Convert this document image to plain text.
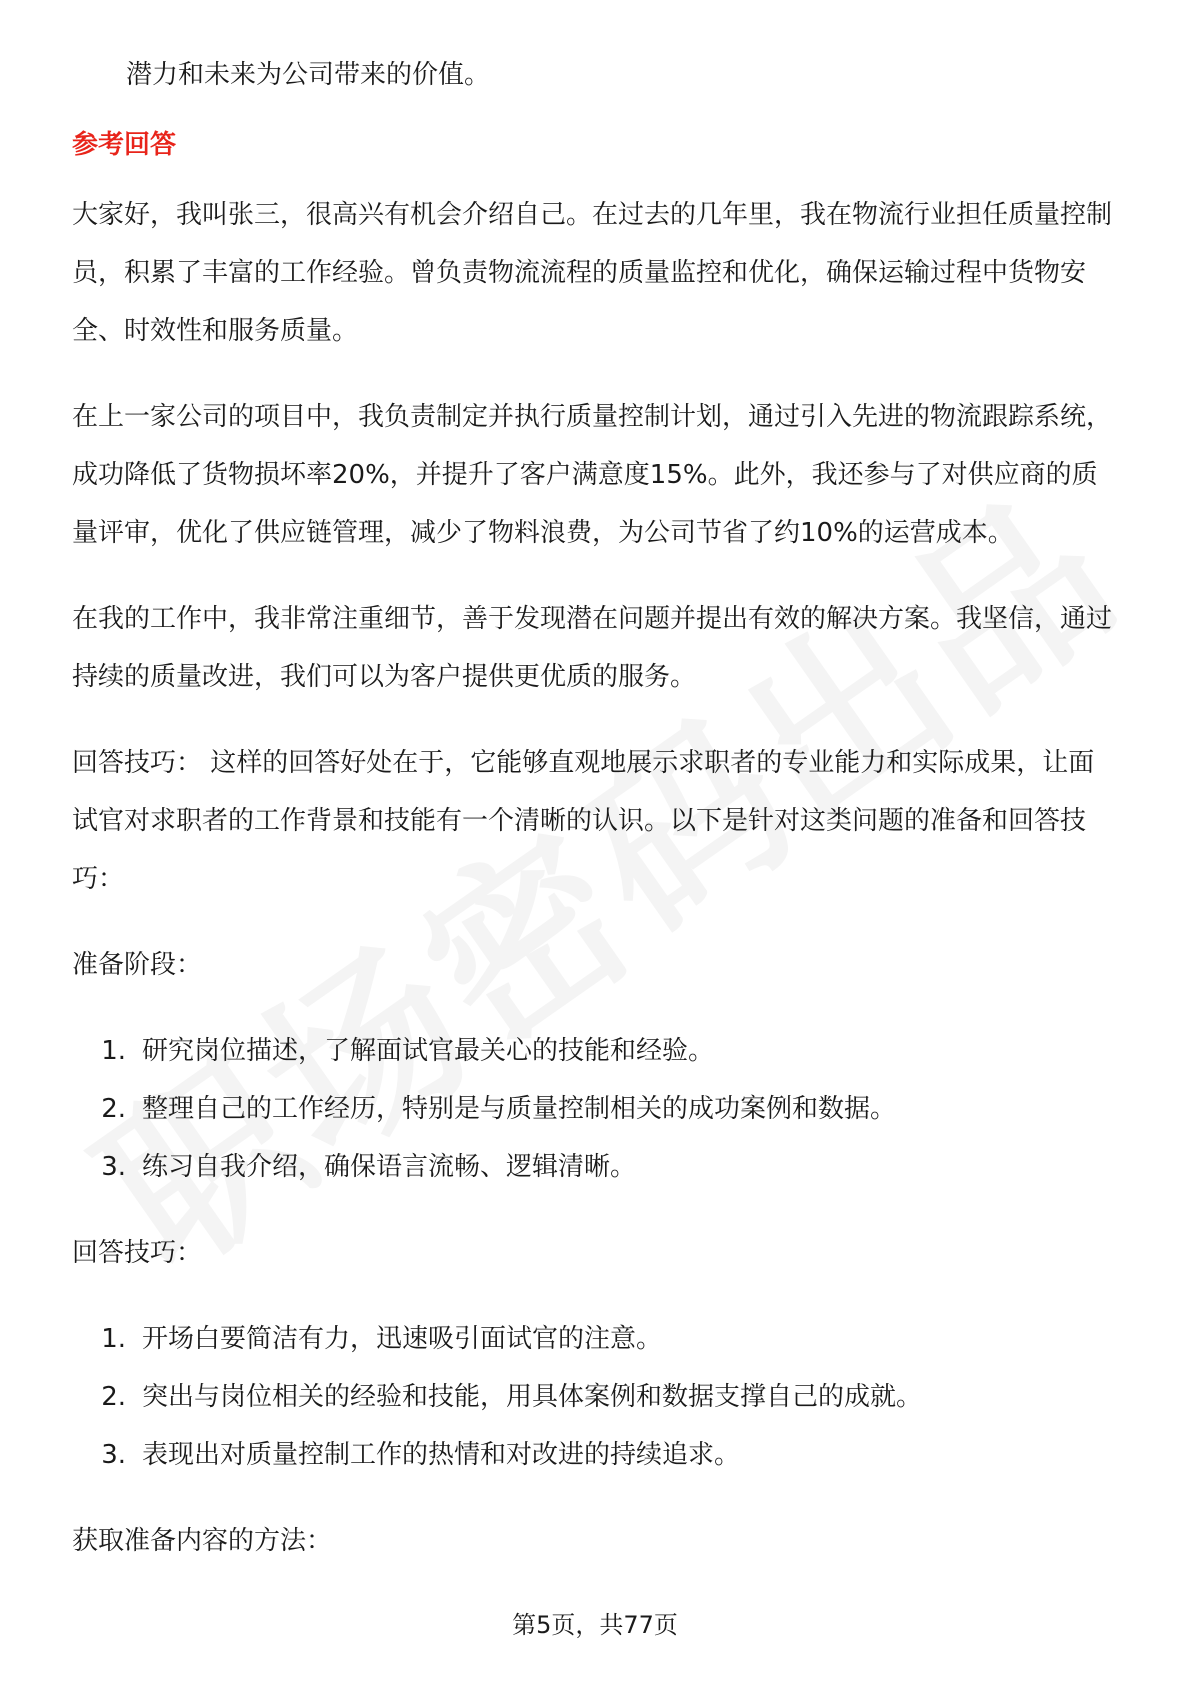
潜力和未来为公司带来的价值。

参考回答

大家好，我叫张三，很高兴有机会介绍自己。在过去的几年里，我在物流行业担任质量控制员，积累了丰富的工作经验。曾负责物流流程的质量监控和优化，确保运输过程中货物安全、时效性和服务质量。

在上一家公司的项目中，我负责制定并执行质量控制计划，通过引入先进的物流跟踪系统，成功降低了货物损坏率20%，并提升了客户满意度15%。此外，我还参与了对供应商的质量评审，优化了供应链管理，减少了物料浪费，为公司节省了约10%的运营成本。

在我的工作中，我非常注重细节，善于发现潜在问题并提出有效的解决方案。我坚信，通过持续的质量改进，我们可以为客户提供更优质的服务。

回答技巧： 这样的回答好处在于，它能够直观地展示求职者的专业能力和实际成果，让面试官对求职者的工作背景和技能有一个清晰的认识。以下是针对这类问题的准备和回答技巧：

准备阶段：

1. 研究岗位描述，了解面试官最关心的技能和经验。
2. 整理自己的工作经历，特别是与质量控制相关的成功案例和数据。
3. 练习自我介绍，确保语言流畅、逻辑清晰。

回答技巧：

1. 开场白要简洁有力，迅速吸引面试官的注意。
2. 突出与岗位相关的经验和技能，用具体案例和数据支撑自己的成就。
3. 表现出对质量控制工作的热情和对改进的持续追求。

获取准备内容的方法：

第5页，共77页
